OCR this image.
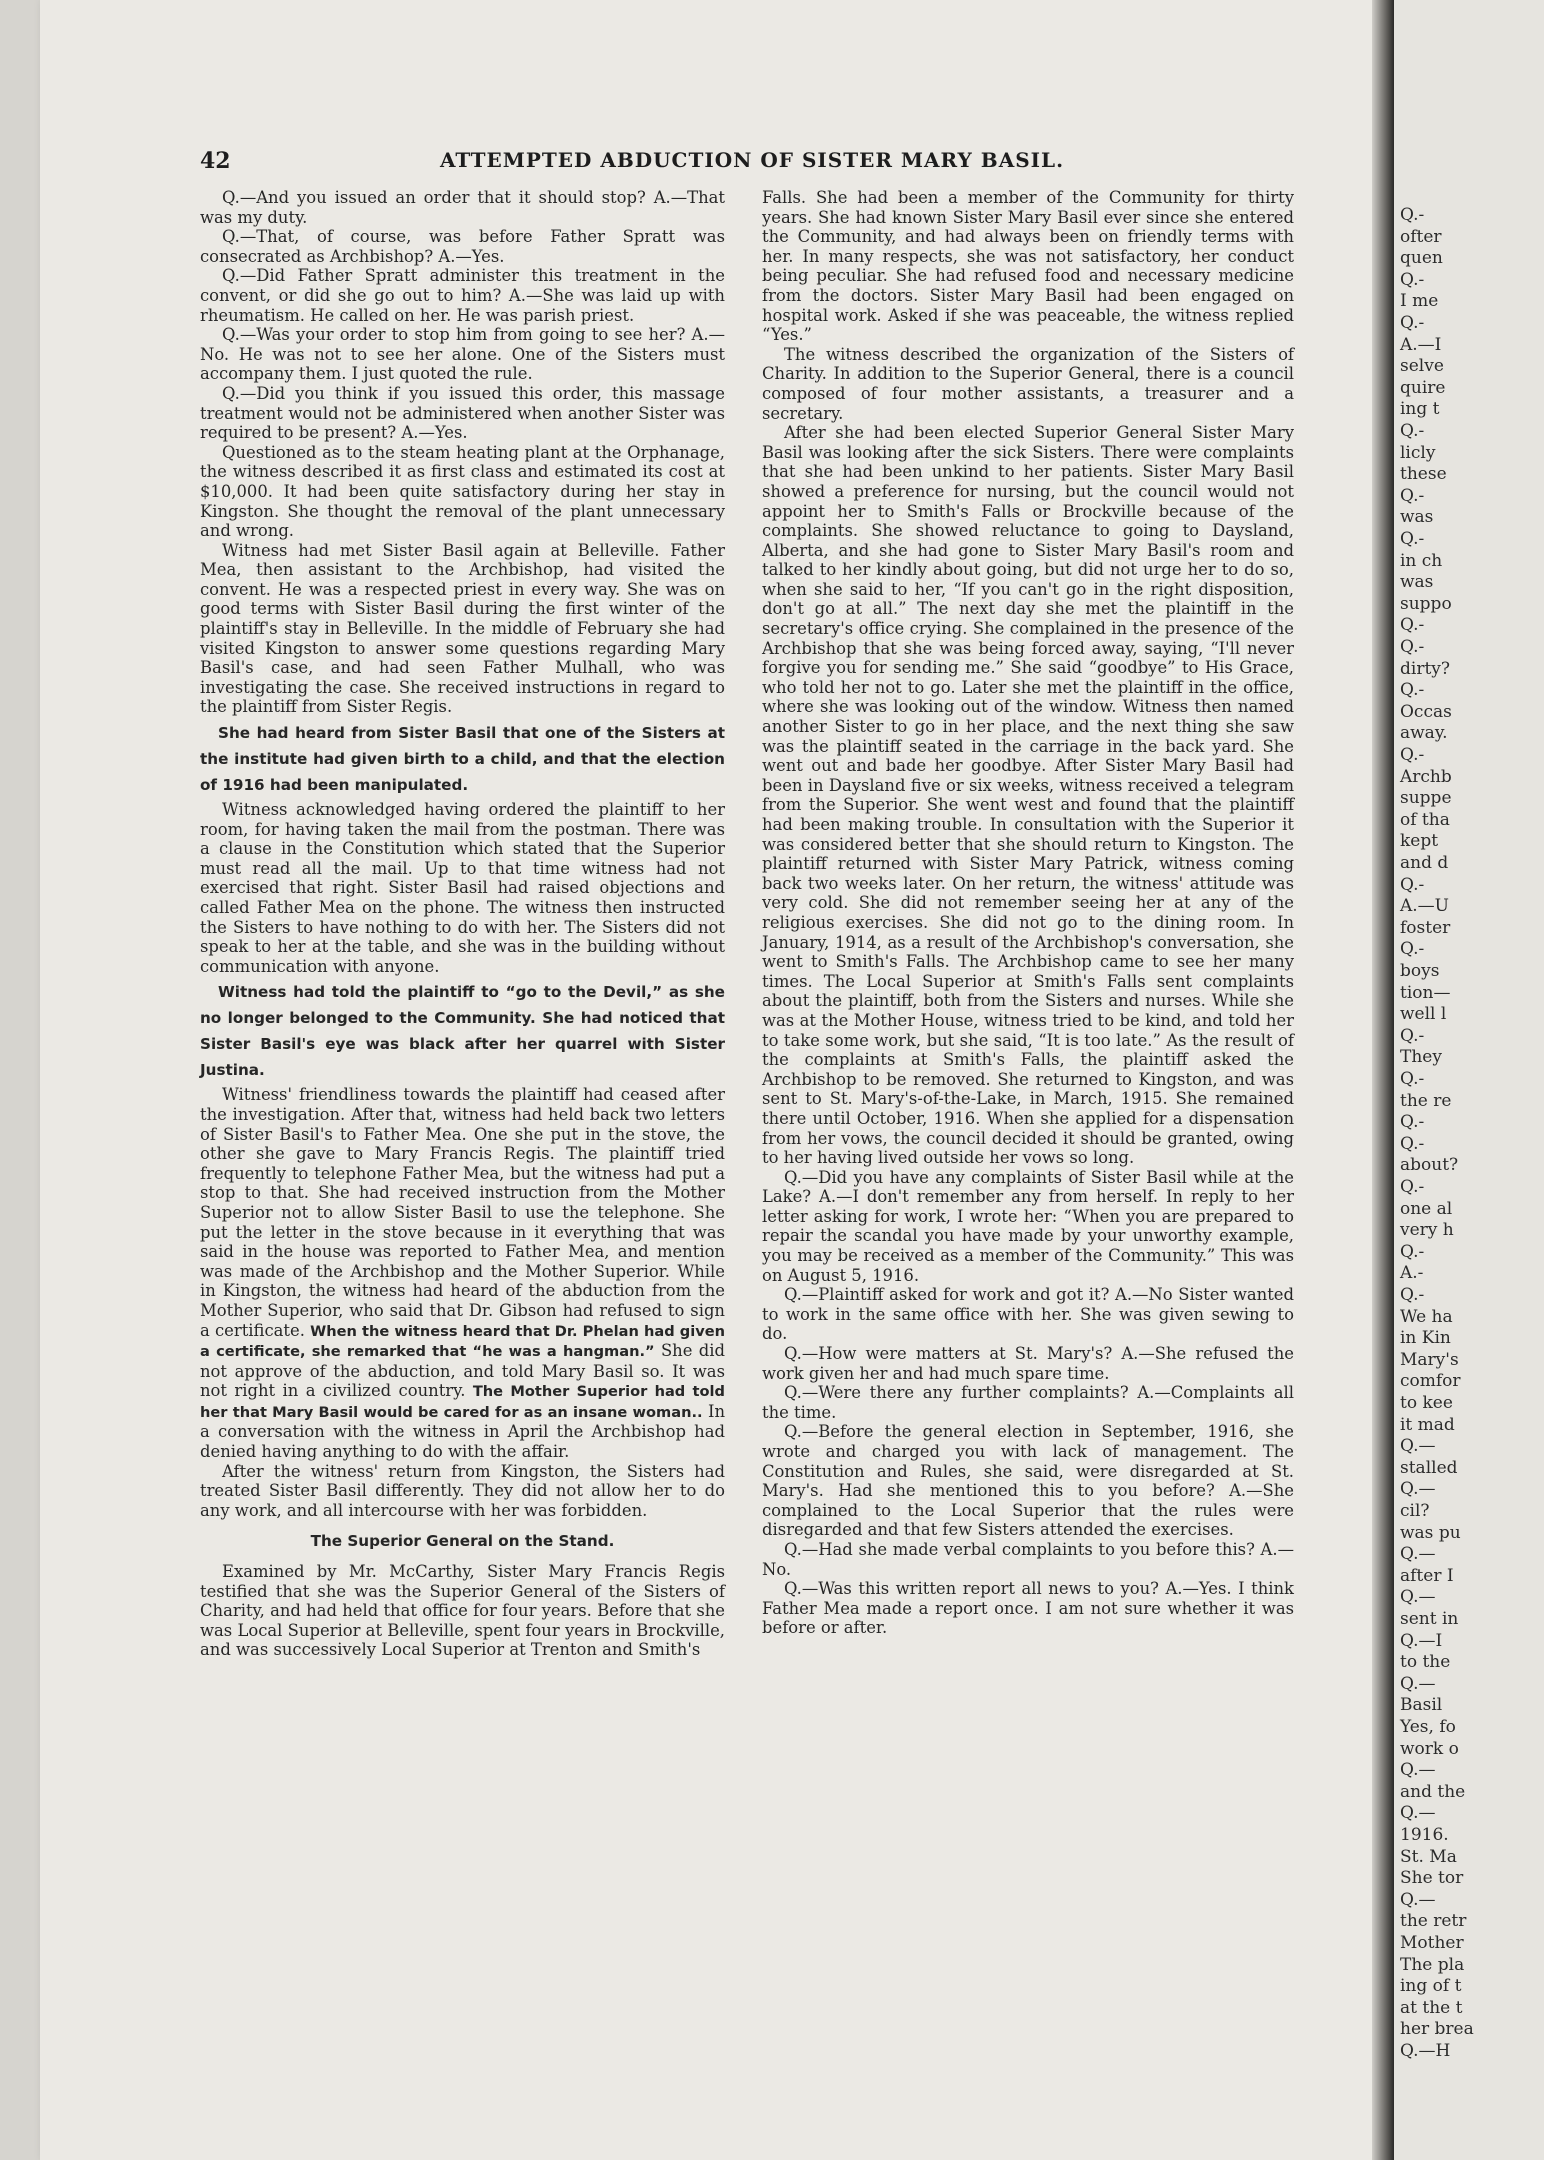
42	ATTEMPTED ABDUCTION OF SISTER MARY BASIL.

Q.—And you issued an order that it should stop? A.—That was my duty.

Q.—That, of course, was before Father Spratt was consecrated as Archbishop? A.—Yes.

Q.—Did Father Spratt administer this treatment in the convent, or did she go out to him? A.—She was laid up with rheumatism. He called on her. He was parish priest.

Q.—Was your order to stop him from going to see her? A.—No. He was not to see her alone. One of the Sisters must accompany them. I just quoted the rule.

Q.—Did you think if you issued this order, this massage treatment would not be administered when another Sister was required to be present? A.—Yes.

Questioned as to the steam heating plant at the Orphanage, the witness described it as first class and estimated its cost at $10,000. It had been quite satisfactory during her stay in Kingston. She thought the removal of the plant unnecessary and wrong.

Witness had met Sister Basil again at Belleville. Father Mea, then assistant to the Archbishop, had visited the convent. He was a respected priest in every way. She was on good terms with Sister Basil during the first winter of the plaintiff's stay in Belleville. In the middle of February she had visited Kingston to answer some questions regarding Mary Basil's case, and had seen Father Mulhall, who was investigating the case. She received instructions in regard to the plaintiff from Sister Regis.

She had heard from Sister Basil that one of the Sisters at the institute had given birth to a child, and that the election of 1916 had been manipulated.

Witness acknowledged having ordered the plaintiff to her room, for having taken the mail from the postman. There was a clause in the Constitution which stated that the Superior must read all the mail. Up to that time witness had not exercised that right. Sister Basil had raised objections and called Father Mea on the phone. The witness then instructed the Sisters to have nothing to do with her. The Sisters did not speak to her at the table, and she was in the building without communication with anyone.

Witness had told the plaintiff to “go to the Devil,” as she no longer belonged to the Community. She had noticed that Sister Basil's eye was black after her quarrel with Sister Justina.

Witness' friendliness towards the plaintiff had ceased after the investigation. After that, witness had held back two letters of Sister Basil's to Father Mea. One she put in the stove, the other she gave to Mary Francis Regis. The plaintiff tried frequently to telephone Father Mea, but the witness had put a stop to that. She had received instruction from the Mother Superior not to allow Sister Basil to use the telephone. She put the letter in the stove because in it everything that was said in the house was reported to Father Mea, and mention was made of the Archbishop and the Mother Superior. While in Kingston, the witness had heard of the abduction from the Mother Superior, who said that Dr. Gibson had refused to sign a certificate. When the witness heard that Dr. Phelan had given a certificate, she remarked that “he was a hangman.” She did not approve of the abduction, and told Mary Basil so. It was not right in a civilized country. The Mother Superior had told her that Mary Basil would be cared for as an insane woman.. In a conversation with the witness in April the Archbishop had denied having anything to do with the affair.

After the witness' return from Kingston, the Sisters had treated Sister Basil differently. They did not allow her to do any work, and all intercourse with her was forbidden.

The Superior General on the Stand.

Examined by Mr. McCarthy, Sister Mary Francis Regis testified that she was the Superior General of the Sisters of Charity, and had held that office for four years. Before that she was Local Superior at Belleville, spent four years in Brockville, and was successively Local Superior at Trenton and Smith's

Falls. She had been a member of the Community for thirty years. She had known Sister Mary Basil ever since she entered the Community, and had always been on friendly terms with her. In many respects, she was not satisfactory, her conduct being peculiar. She had refused food and necessary medicine from the doctors. Sister Mary Basil had been engaged on hospital work. Asked if she was peaceable, the witness replied “Yes.”

The witness described the organization of the Sisters of Charity. In addition to the Superior General, there is a council composed of four mother assistants, a treasurer and a secretary.

After she had been elected Superior General Sister Mary Basil was looking after the sick Sisters. There were complaints that she had been unkind to her patients. Sister Mary Basil showed a preference for nursing, but the council would not appoint her to Smith's Falls or Brockville because of the complaints. She showed reluctance to going to Daysland, Alberta, and she had gone to Sister Mary Basil's room and talked to her kindly about going, but did not urge her to do so, when she said to her, “If you can't go in the right disposition, don't go at all.” The next day she met the plaintiff in the secretary's office crying. She complained in the presence of the Archbishop that she was being forced away, saying, “I'll never forgive you for sending me.” She said “goodbye” to His Grace, who told her not to go. Later she met the plaintiff in the office, where she was looking out of the window. Witness then named another Sister to go in her place, and the next thing she saw was the plaintiff seated in the carriage in the back yard. She went out and bade her goodbye. After Sister Mary Basil had been in Daysland five or six weeks, witness received a telegram from the Superior. She went west and found that the plaintiff had been making trouble. In consultation with the Superior it was considered better that she should return to Kingston. The plaintiff returned with Sister Mary Patrick, witness coming back two weeks later. On her return, the witness' attitude was very cold. She did not remember seeing her at any of the religious exercises. She did not go to the dining room. In January, 1914, as a result of the Archbishop's conversation, she went to Smith's Falls. The Archbishop came to see her many times. The Local Superior at Smith's Falls sent complaints about the plaintiff, both from the Sisters and nurses. While she was at the Mother House, witness tried to be kind, and told her to take some work, but she said, “It is too late.” As the result of the complaints at Smith's Falls, the plaintiff asked the Archbishop to be removed. She returned to Kingston, and was sent to St. Mary's-of-the-Lake, in March, 1915. She remained there until October, 1916. When she applied for a dispensation from her vows, the council decided it should be granted, owing to her having lived outside her vows so long.

Q.—Did you have any complaints of Sister Basil while at the Lake? A.—I don't remember any from herself. In reply to her letter asking for work, I wrote her: “When you are prepared to repair the scandal you have made by your unworthy example, you may be received as a member of the Community.” This was on August 5, 1916.

Q.—Plaintiff asked for work and got it? A.—No Sister wanted to work in the same office with her. She was given sewing to do.

Q.—How were matters at St. Mary's? A.—She refused the work given her and had much spare time.

Q.—Were there any further complaints? A.—Complaints all the time.

Q.—Before the general election in September, 1916, she wrote and charged you with lack of management. The Constitution and Rules, she said, were disregarded at St. Mary's. Had she mentioned this to you before? A.—She complained to the Local Superior that the rules were disregarded and that few Sisters attended the exercises.

Q.—Had she made verbal complaints to you before this? A.—No.

Q.—Was this written report all news to you? A.—Yes. I think Father Mea made a report once. I am not sure whether it was before or after.

Q.-
ofter
quen
Q.-
I me
Q.-
A.—I
selve
quire
ing t
Q.-
licly
these
Q.-
was
Q.-
in ch
was
suppo
Q.-
Q.-
dirty?
Q.-
Occas
away.
Q.-
Archb
suppe
of tha
kept
and d
Q.-
A.—U
foster
Q.-
boys
tion—
well l
Q.-
They
Q.-
the re
Q.-
Q.-
about?
Q.-
one al
very h
Q.-
A.-
Q.-
We ha
in Kin
Mary's
comfor
to kee
it mad
Q.—
stalled
Q.—
cil?
was pu
Q.—
after I
Q.—
sent in
Q.—I
to the
Q.—
Basil
Yes, fo
work o
Q.—
and the
Q.—
1916.
St. Ma
She tor
Q.—
the retr
Mother
The pla
ing of t
at the t
her brea
Q.—H
